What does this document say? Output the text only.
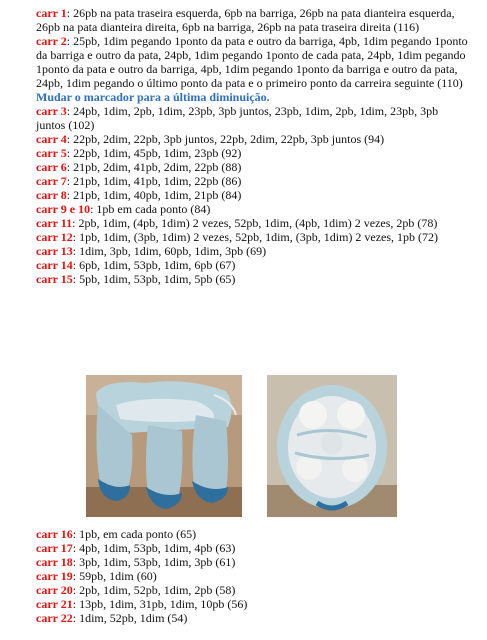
carr 1: 26pb na pata traseira esquerda, 6pb na barriga, 26pb na pata dianteira esquerda, 26pb na pata dianteira direita, 6pb na barriga, 26pb na pata traseira direita (116)

carr 2: 25pb, 1dim pegando 1ponto da pata e outro da barriga, 4pb, 1dim pegando 1ponto da barriga e outro da pata, 24pb, 1dim pegando 1ponto de cada pata, 24pb, 1dim pegando 1ponto da pata e outro da barriga, 4pb, 1dim pegando 1ponto da barriga e outro da pata, 24pb, 1dim pegando o último ponto da pata e o primeiro ponto da carreira seguinte (110)

Mudar o marcador para a última diminuição.

carr 3: 24pb, 1dim, 2pb, 1dim, 23pb, 3pb juntos, 23pb, 1dim, 2pb, 1dim, 23pb, 3pb juntos (102)

carr 4: 22pb, 2dim, 22pb, 3pb juntos, 22pb, 2dim, 22pb, 3pb juntos (94)

carr 5: 22pb, 1dim, 45pb, 1dim, 23pb (92)

carr 6: 21pb, 2dim, 41pb, 2dim, 22pb (88)

carr 7: 21pb, 1dim, 41pb, 1dim, 22pb (86)

carr 8: 21pb, 1dim, 40pb, 1dim, 21pb (84)

carr 9 e 10: 1pb em cada ponto (84)

carr 11: 2pb, 1dim, (4pb, 1dim) 2 vezes, 52pb, 1dim, (4pb, 1dim) 2 vezes, 2pb (78)

carr 12: 1pb, 1dim, (3pb, 1dim) 2 vezes, 52pb, 1dim, (3pb, 1dim) 2 vezes, 1pb (72)

carr 13: 1dim, 3pb, 1dim, 60pb, 1dim, 3pb (69)

carr 14: 6pb, 1dim, 53pb, 1dim, 6pb (67)

carr 15: 5pb, 1dim, 53pb, 1dim, 5pb (65)

carr 16: 1pb, em cada ponto (65)

carr 17: 4pb, 1dim, 53pb, 1dim, 4pb (63)

carr 18: 3pb, 1dim, 53pb, 1dim, 3pb (61)

carr 19: 59pb, 1dim (60)

carr 20: 2pb, 1dim, 52pb, 1dim, 2pb (58)

carr 21: 13pb, 1dim, 31pb, 1dim, 10pb (56)

carr 22: 1dim, 52pb, 1dim (54)
